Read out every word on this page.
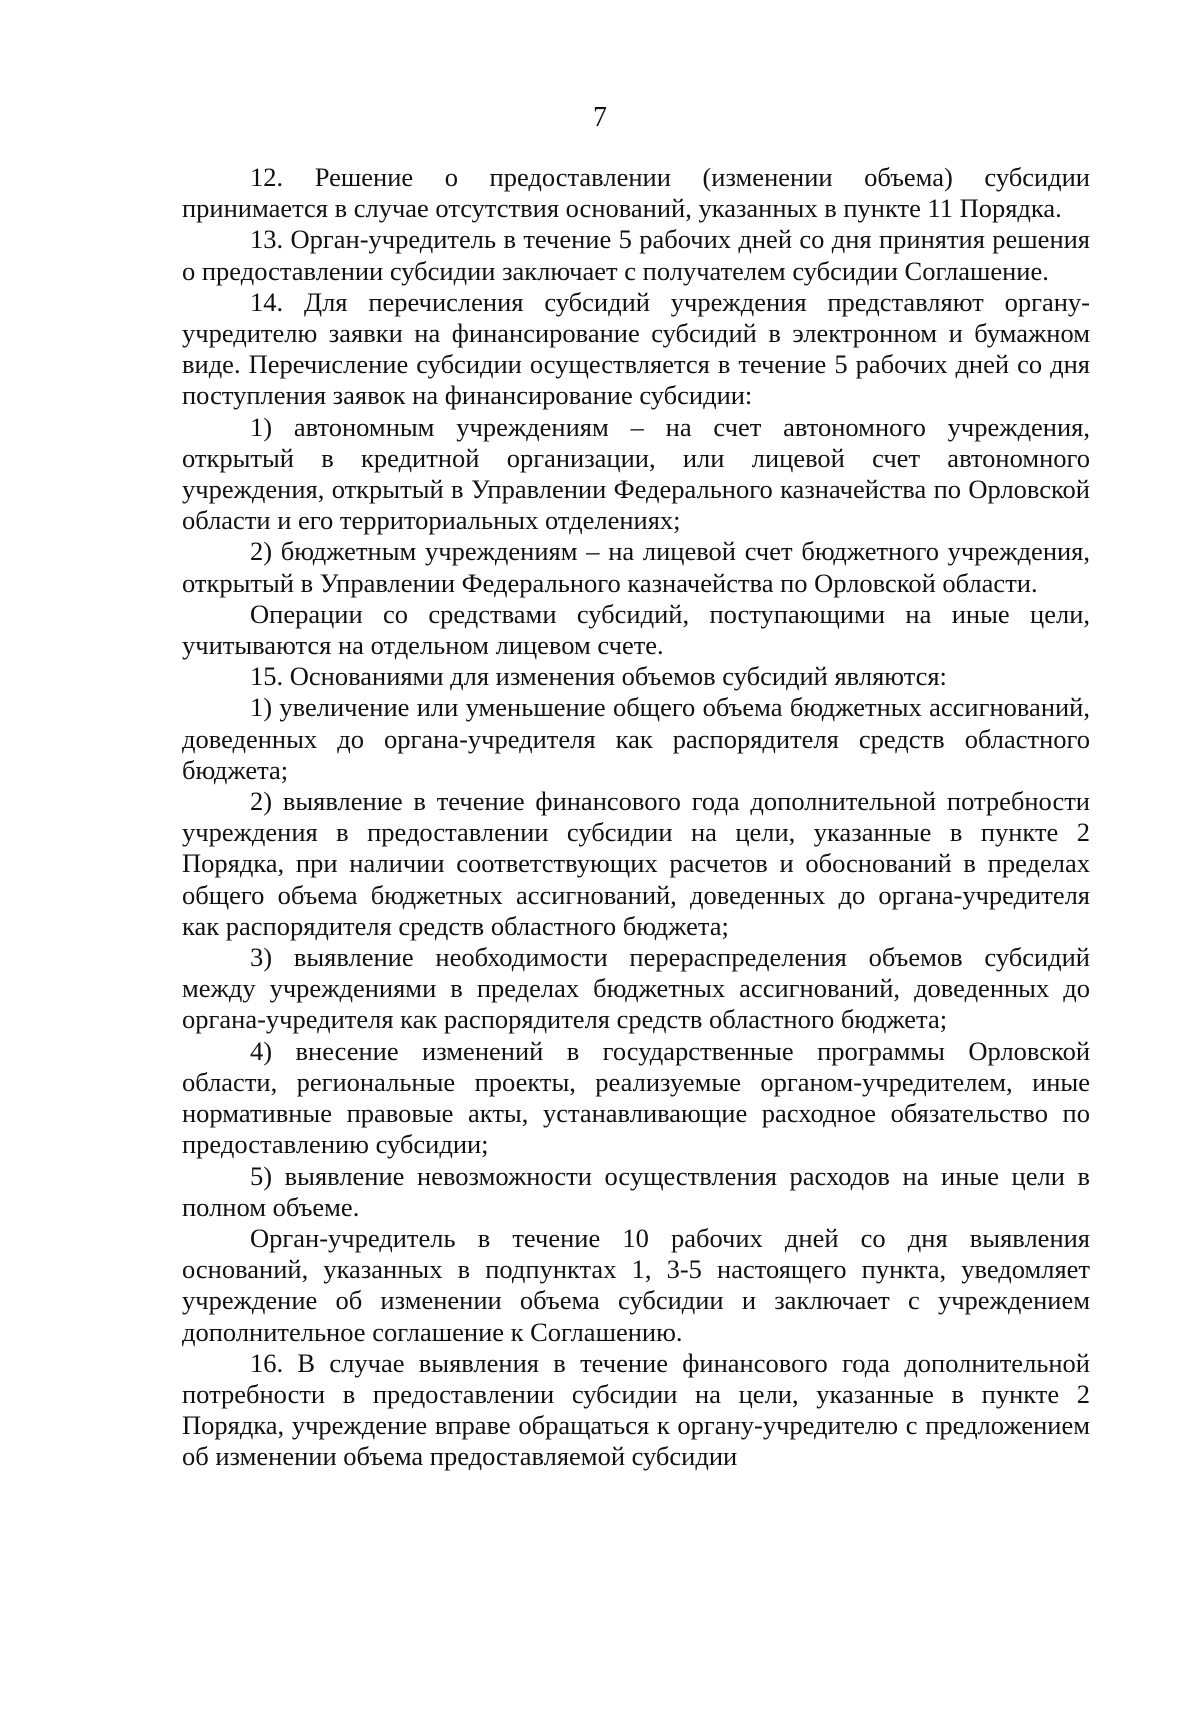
7

12. Решение о предоставлении (изменении объема) субсидии принимается в случае отсутствия оснований, указанных в пункте 11 Порядка.

13. Орган-учредитель в течение 5 рабочих дней со дня принятия решения о предоставлении субсидии заключает с получателем субсидии Соглашение.

14. Для перечисления субсидий учреждения представляют органу-учредителю заявки на финансирование субсидий в электронном и бумажном виде. Перечисление субсидии осуществляется в течение 5 рабочих дней со дня поступления заявок на финансирование субсидии:

1) автономным учреждениям – на счет автономного учреждения, открытый в кредитной организации, или лицевой счет автономного учреждения, открытый в Управлении Федерального казначейства по Орловской области и его территориальных отделениях;

2) бюджетным учреждениям – на лицевой счет бюджетного учреждения, открытый в Управлении Федерального казначейства по Орловской области.

Операции со средствами субсидий, поступающими на иные цели, учитываются на отдельном лицевом счете.

15. Основаниями для изменения объемов субсидий являются:

1) увеличение или уменьшение общего объема бюджетных ассигнований, доведенных до органа-учредителя как распорядителя средств областного бюджета;

2) выявление в течение финансового года дополнительной потребности учреждения в предоставлении субсидии на цели, указанные в пункте 2 Порядка, при наличии соответствующих расчетов и обоснований в пределах общего объема бюджетных ассигнований, доведенных до органа-учредителя как распорядителя средств областного бюджета;

3) выявление необходимости перераспределения объемов субсидий между учреждениями в пределах бюджетных ассигнований, доведенных до органа-учредителя как распорядителя средств областного бюджета;

4) внесение изменений в государственные программы Орловской области, региональные проекты, реализуемые органом-учредителем, иные нормативные правовые акты, устанавливающие расходное обязательство по предоставлению субсидии;

5) выявление невозможности осуществления расходов на иные цели в полном объеме.

Орган-учредитель в течение 10 рабочих дней со дня выявления оснований, указанных в подпунктах 1, 3-5 настоящего пункта, уведомляет учреждение об изменении объема субсидии и заключает с учреждением дополнительное соглашение к Соглашению.

16. В случае выявления в течение финансового года дополнительной потребности в предоставлении субсидии на цели, указанные в пункте 2 Порядка, учреждение вправе обращаться к органу-учредителю с предложением об изменении объема предоставляемой субсидии
